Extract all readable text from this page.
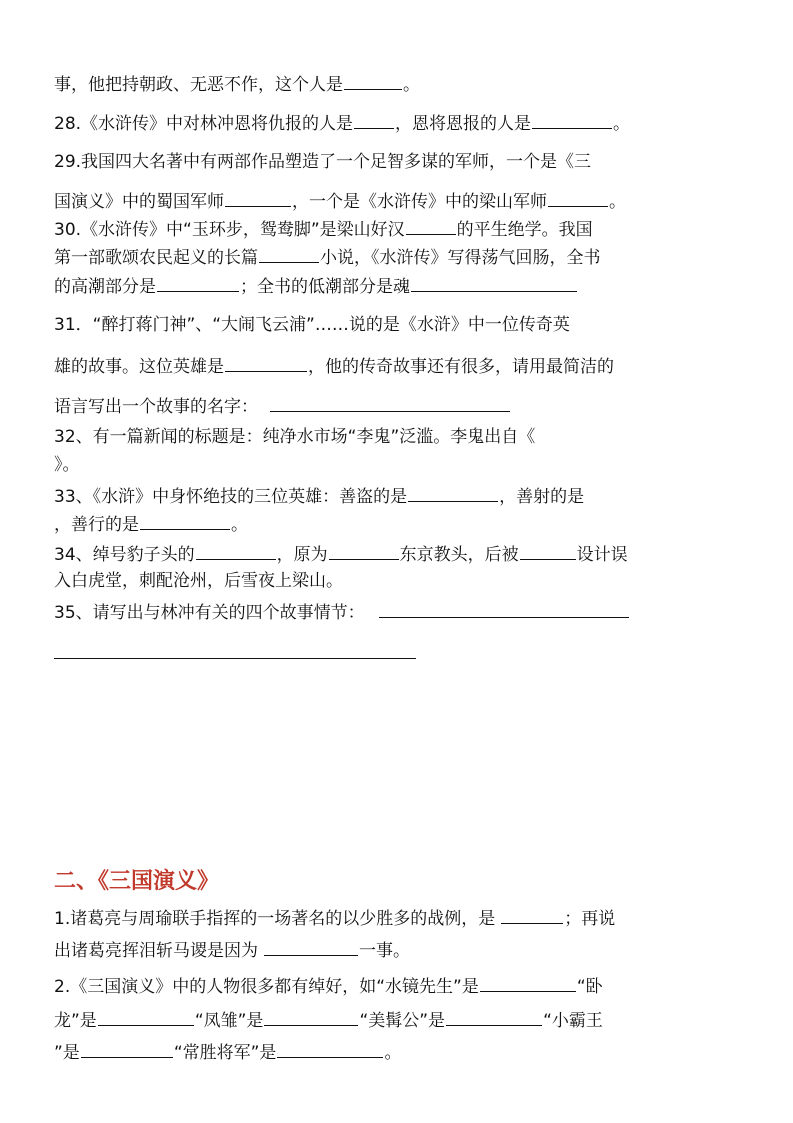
事，他把持朝政、无恶不作，这个人是	。
28.《水浒传》中对林冲恩将仇报的人是 ，恩将恩报的人是	。
29.我国四大名著中有两部作品塑造了一个足智多谋的军师，一个是《三
国演义》中的蜀国军师	，一个是《水浒传》中的梁山军师	。
30.《水浒传》中“玉环步，鸳鸯脚”是梁山好汉	的平生绝学。我国
第一部歌颂农民起义的长篇	小说，《水浒传》写得荡气回肠，全书
的高潮部分是	；全书的低潮部分是魂
31．“醉打蒋门神”、“大闹飞云浦”……说的是《水浒》中一位传奇英
雄的故事。这位英雄是	，他的传奇故事还有很多，请用最简洁的
语言写出一个故事的名字：
32、有一篇新闻的标题是：纯净水市场“李鬼”泛滥。李鬼出自《
》。
33、《水浒》中身怀绝技的三位英雄：善盗的是	，善射的是
，善行的是	。
34、绰号豹子头的	，原为	东京教头，后被	设计误
入白虎堂，刺配沧州，后雪夜上梁山。
35、请写出与林冲有关的四个故事情节：
二、《三国演义》
1.诸葛亮与周瑜联手指挥的一场著名的以少胜多的战例，是	；再说
出诸葛亮挥泪斩马谡是因为	一事。
2.《三国演义》中的人物很多都有绰好，如“水镜先生”是	“卧
龙”是	“凤雏”是	“美髯公”是	“小霸王
”是	“常胜将军”是	。
